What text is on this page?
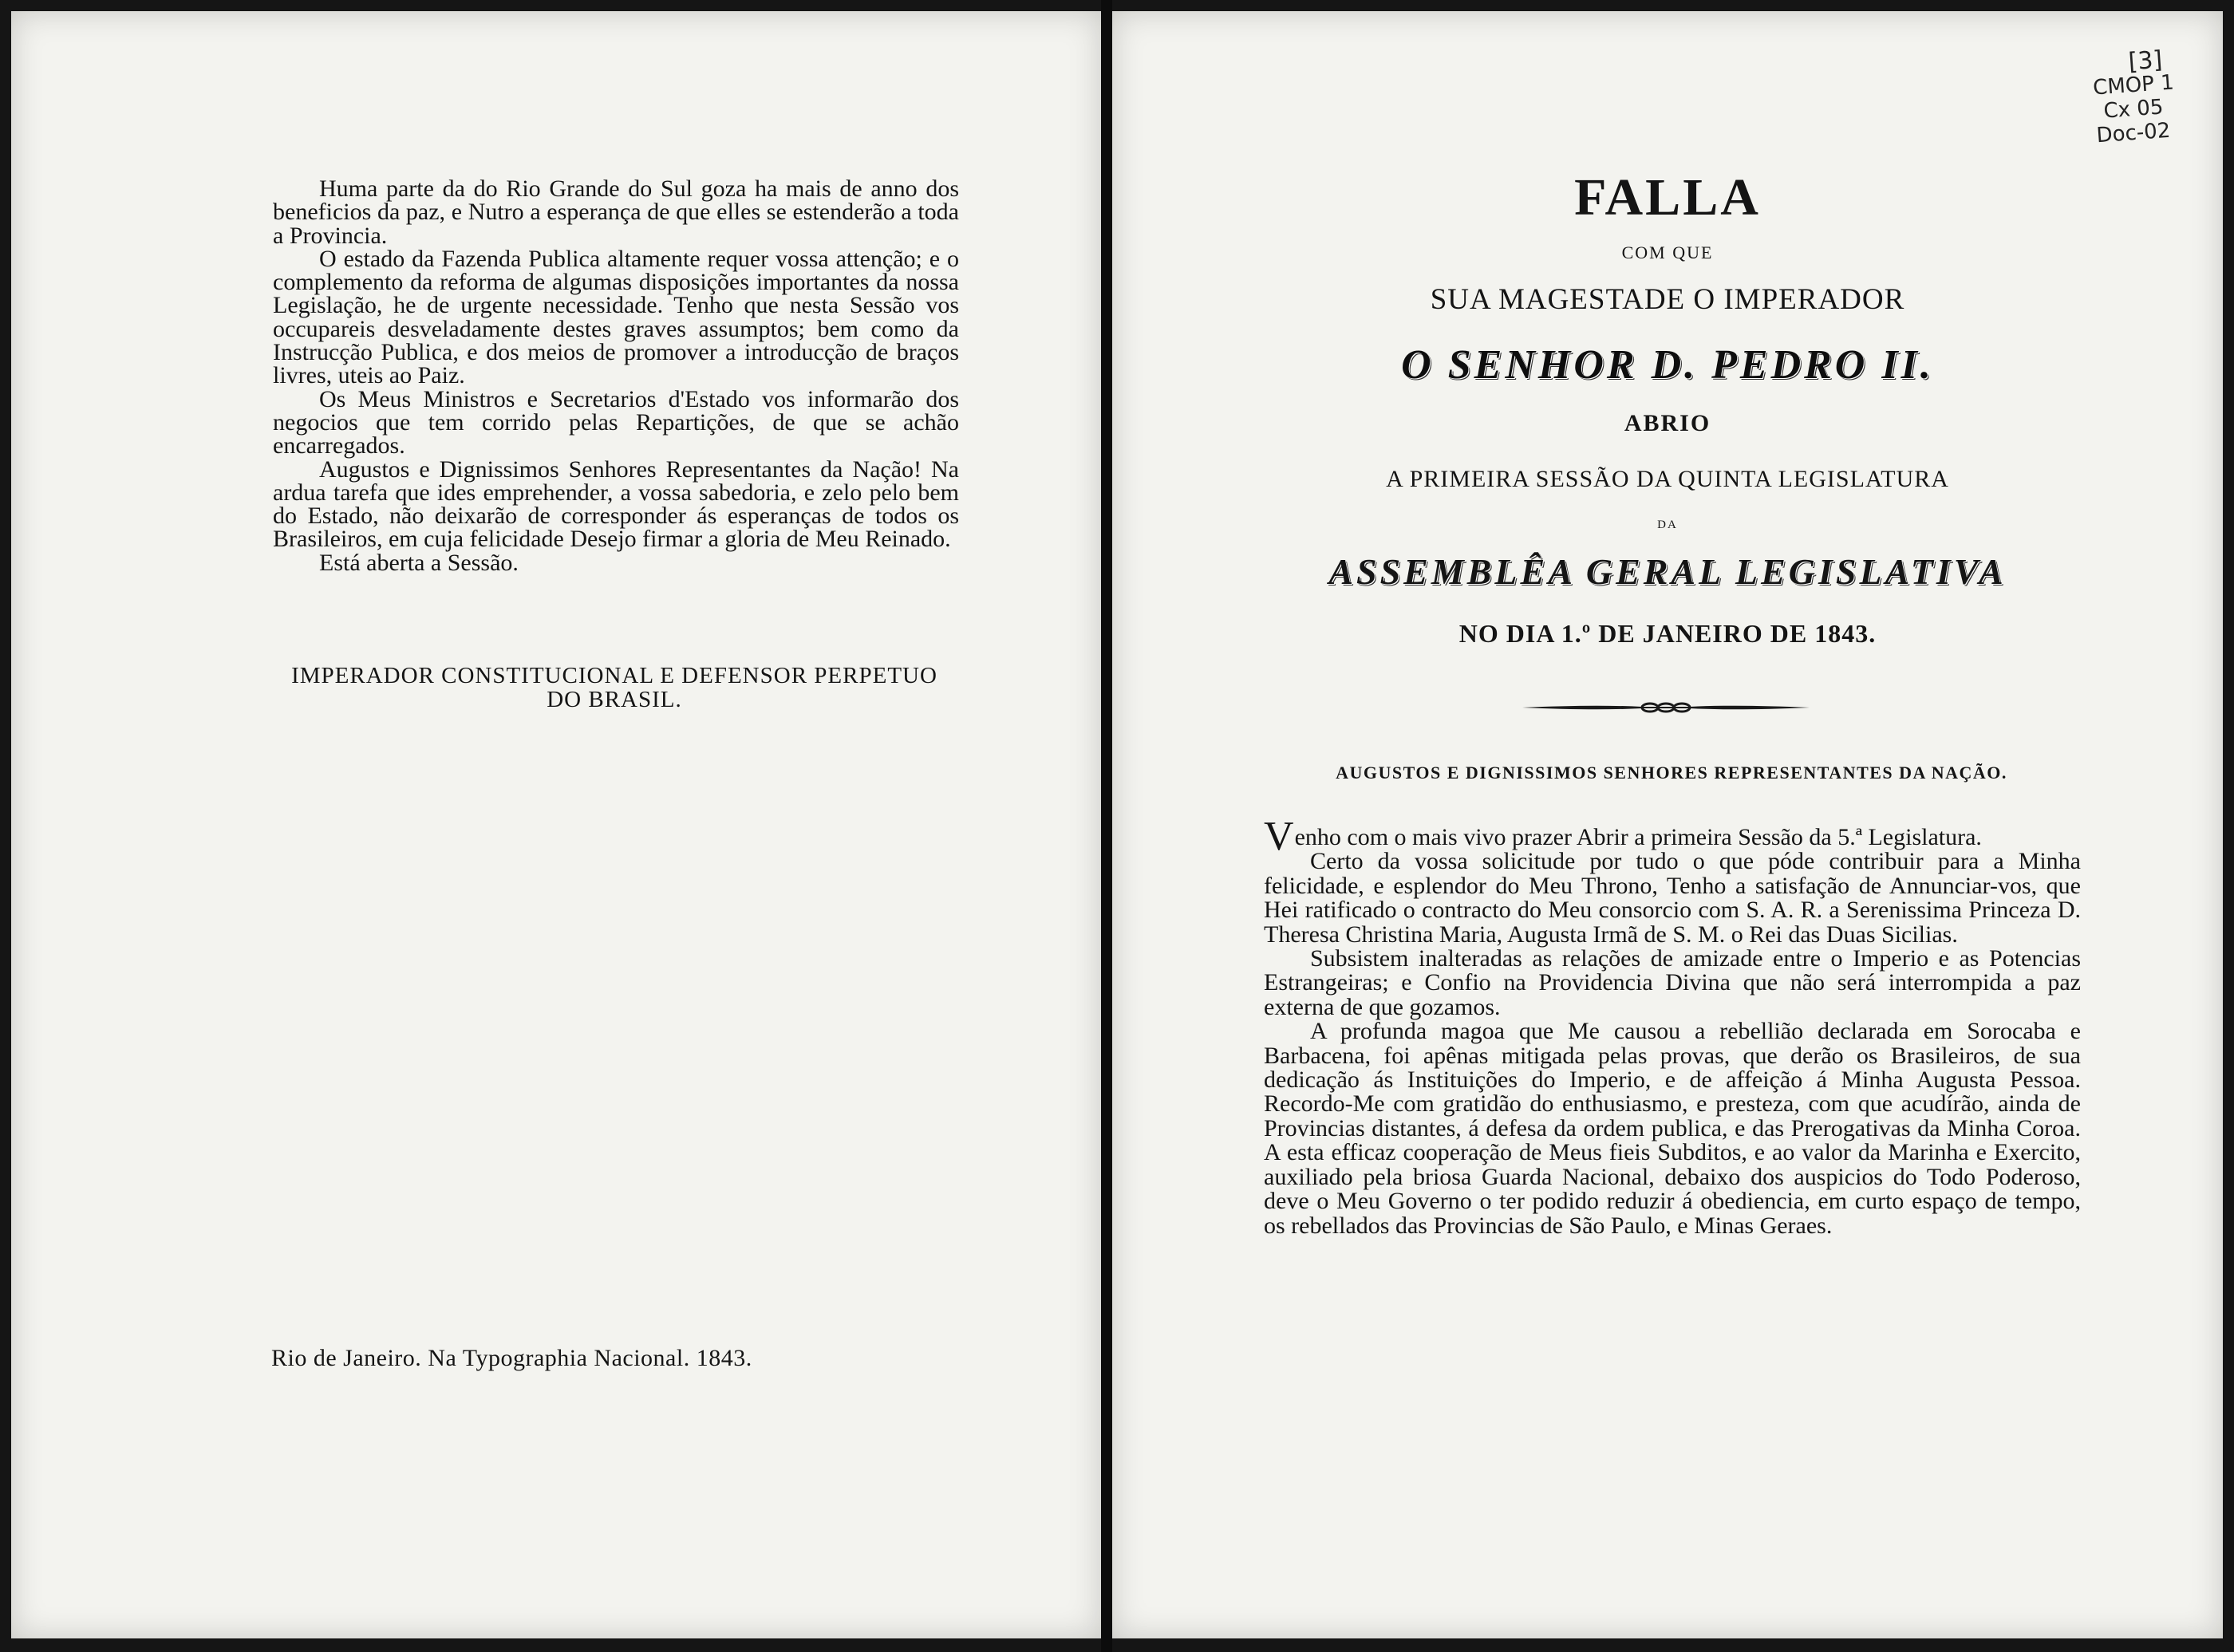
Huma parte da do Rio Grande do Sul goza ha mais de anno dos beneficios da paz, e Nutro a esperança de que elles se estenderão a toda a Provincia.

O estado da Fazenda Publica altamente requer vossa attenção; e o complemento da reforma de algumas disposições importantes da nossa Legislação, he de urgente necessidade. Tenho que nesta Sessão vos occupareis desveladamente destes graves assumptos; bem como da Instrucção Publica, e dos meios de promover a introducção de braços livres, uteis ao Paiz.

Os Meus Ministros e Secretarios d'Estado vos informarão dos negocios que tem corrido pelas Repartições, de que se achão encarregados.

Augustos e Dignissimos Senhores Representantes da Nação! Na ardua tarefa que ides emprehender, a vossa sabedoria, e zelo pelo bem do Estado, não deixarão de corresponder ás esperanças de todos os Brasileiros, em cuja felicidade Desejo firmar a gloria de Meu Reinado.

Está aberta a Sessão.

IMPERADOR CONSTITUCIONAL E DEFENSOR PERPETUO
DO BRASIL.
Rio de Janeiro. Na Typographia Nacional. 1843.
[3]
CMOP 1
Cx 05
Doc-02
FALLA
COM QUE
SUA MAGESTADE O IMPERADOR
O SENHOR D. PEDRO II.
ABRIO
A PRIMEIRA SESSÃO DA QUINTA LEGISLATURA
DA
ASSEMBLÊA GERAL LEGISLATIVA
NO DIA 1.º DE JANEIRO DE 1843.
AUGUSTOS E DIGNISSIMOS SENHORES REPRESENTANTES DA NAÇÃO.

Venho com o mais vivo prazer Abrir a primeira Sessão da 5.ª Legislatura.

Certo da vossa solicitude por tudo o que póde contribuir para a Minha felicidade, e esplendor do Meu Throno, Tenho a satisfação de Annunciar-vos, que Hei ratificado o contracto do Meu consorcio com S. A. R. a Serenissima Princeza D. Theresa Christina Maria, Augusta Irmã de S. M. o Rei das Duas Sicilias.

Subsistem inalteradas as relações de amizade entre o Imperio e as Potencias Estrangeiras; e Confio na Providencia Divina que não será interrompida a paz externa de que gozamos.

A profunda magoa que Me causou a rebellião declarada em Sorocaba e Barbacena, foi apênas mitigada pelas provas, que derão os Brasileiros, de sua dedicação ás Instituições do Imperio, e de affeição á Minha Augusta Pessoa. Recordo-Me com gratidão do enthusiasmo, e presteza, com que acudírão, ainda de Provincias distantes, á defesa da ordem publica, e das Prerogativas da Minha Coroa. A esta efficaz cooperação de Meus fieis Subditos, e ao valor da Marinha e Exercito, auxiliado pela briosa Guarda Nacional, debaixo dos auspicios do Todo Poderoso, deve o Meu Governo o ter podido reduzir á obediencia, em curto espaço de tempo, os rebellados das Provincias de São Paulo, e Minas Geraes.
